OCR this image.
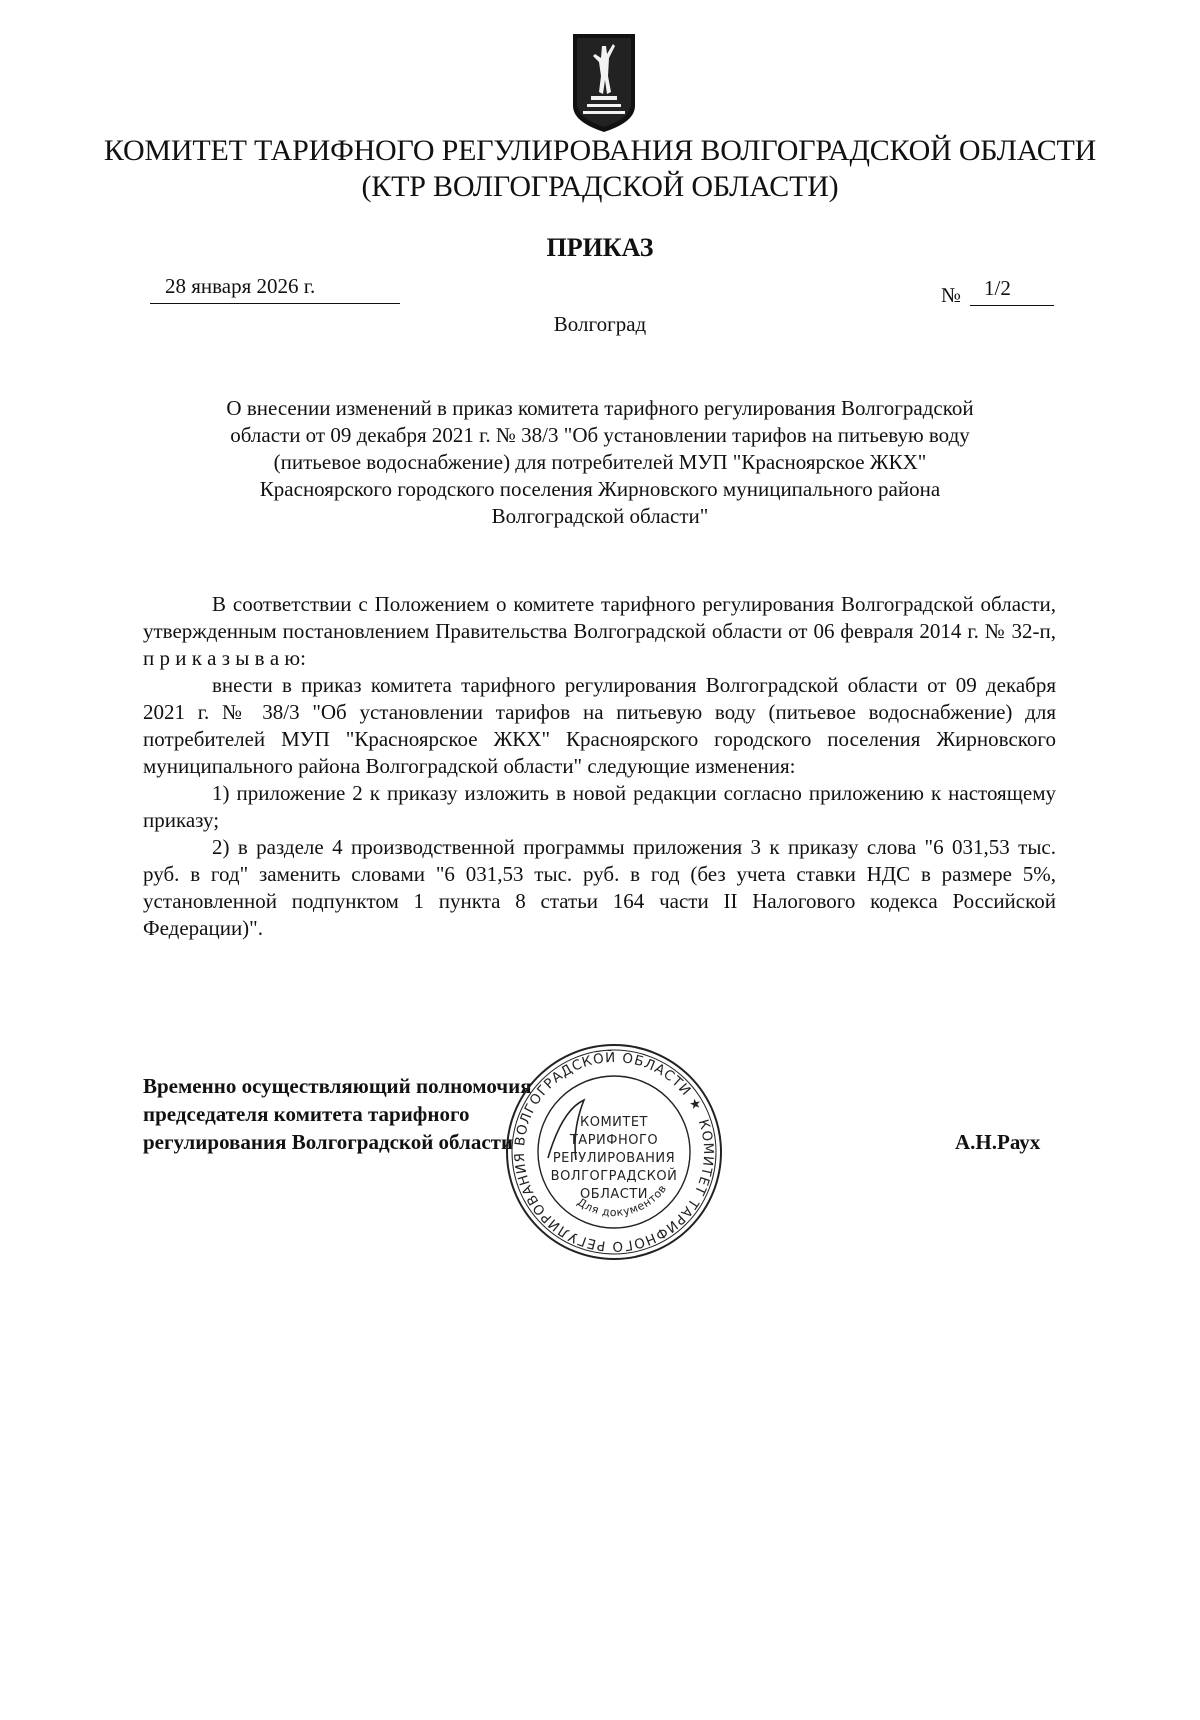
КОМИТЕТ ТАРИФНОГО РЕГУЛИРОВАНИЯ ВОЛГОГРАДСКОЙ ОБЛАСТИ
(КТР ВОЛГОГРАДСКОЙ ОБЛАСТИ)
ПРИКАЗ
28 января 2026 г.	№	1/2
Волгоград
О внесении изменений в приказ комитета тарифного регулирования Волгоградской
области от 09 декабря 2021 г. № 38/3 "Об установлении тарифов на питьевую воду
(питьевое водоснабжение) для потребителей МУП "Красноярское ЖКХ"
Красноярского городского поселения Жирновского муниципального района
Волгоградской области"

В соответствии с Положением о комитете тарифного регулирования Волгоградской области, утвержденным постановлением Правительства Волгоградской области от 06 февраля 2014 г. № 32-п, п р и к а з ы в а ю:

внести в приказ комитета тарифного регулирования Волгоградской области от 09 декабря 2021 г. № 38/3 "Об установлении тарифов на питьевую воду (питьевое водоснабжение) для потребителей МУП "Красноярское ЖКХ" Красноярского городского поселения Жирновского муниципального района Волгоградской области" следующие изменения:

1) приложение 2 к приказу изложить в новой редакции согласно приложению к настоящему приказу;

2) в разделе 4 производственной программы приложения 3 к приказу слова "6 031,53 тыс. руб. в год" заменить словами "6 031,53 тыс. руб. в год (без учета ставки НДС в размере 5%, установленной подпунктом 1 пункта 8 статьи 164 части II Налогового кодекса Российской Федерации)".

Временно осуществляющий полномочия
председателя комитета тарифного
регулирования Волгоградской области	А.Н.Раух
КОМИТЕТ ТАРИФНОГО РЕГУЛИРОВАНИЯ ВОЛГОГРАДСКОЙ ОБЛАСТИ ★
КОМИТЕТ
ТАРИФНОГО
РЕГУЛИРОВАНИЯ
ВОЛГОГРАДСКОЙ
ОБЛАСТИ
Для документов
